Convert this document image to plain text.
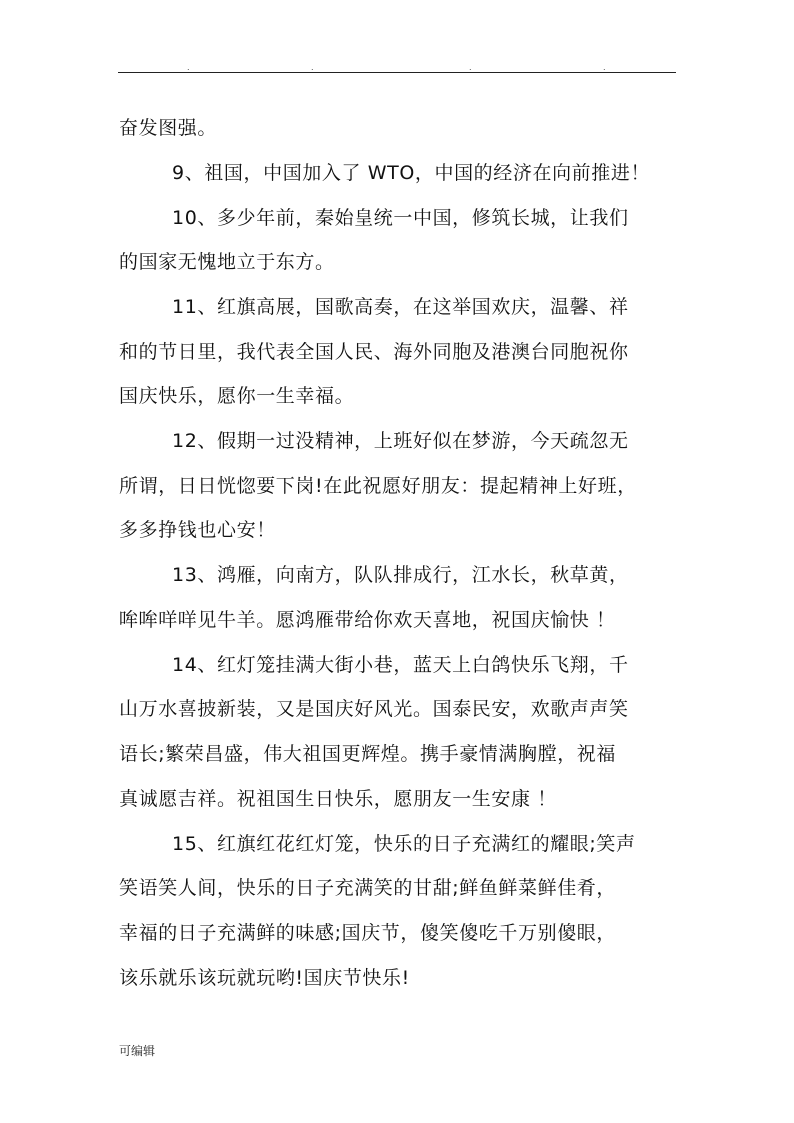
.	.	.	.
奋发图强。
9、祖国，中国加入了 WTO，中国的经济在向前推进！
10、多少年前，秦始皇统一中国，修筑长城，让我们
的国家无愧地立于东方。
11、红旗高展，国歌高奏，在这举国欢庆，温馨、祥
和的节日里，我代表全国人民、海外同胞及港澳台同胞祝你
国庆快乐，愿你一生幸福。
12、假期一过没精神，上班好似在梦游，今天疏忽无
所谓，日日恍惚要下岗!在此祝愿好朋友：提起精神上好班，
多多挣钱也心安！
13、鸿雁，向南方，队队排成行，江水长，秋草黄，
哞哞咩咩见牛羊。愿鸿雁带给你欢天喜地，祝国庆愉快 ！
14、红灯笼挂满大街小巷，蓝天上白鸽快乐飞翔，千
山万水喜披新装，又是国庆好风光。国泰民安，欢歌声声笑
语长;繁荣昌盛，伟大祖国更辉煌。携手豪情满胸膛，祝福
真诚愿吉祥。祝祖国生日快乐，愿朋友一生安康 ！
15、红旗红花红灯笼，快乐的日子充满红的耀眼;笑声
笑语笑人间，快乐的日子充满笑的甘甜;鲜鱼鲜菜鲜佳肴，
幸福的日子充满鲜的味感;国庆节，傻笑傻吃千万别傻眼，
该乐就乐该玩就玩哟!国庆节快乐!
可编辑
